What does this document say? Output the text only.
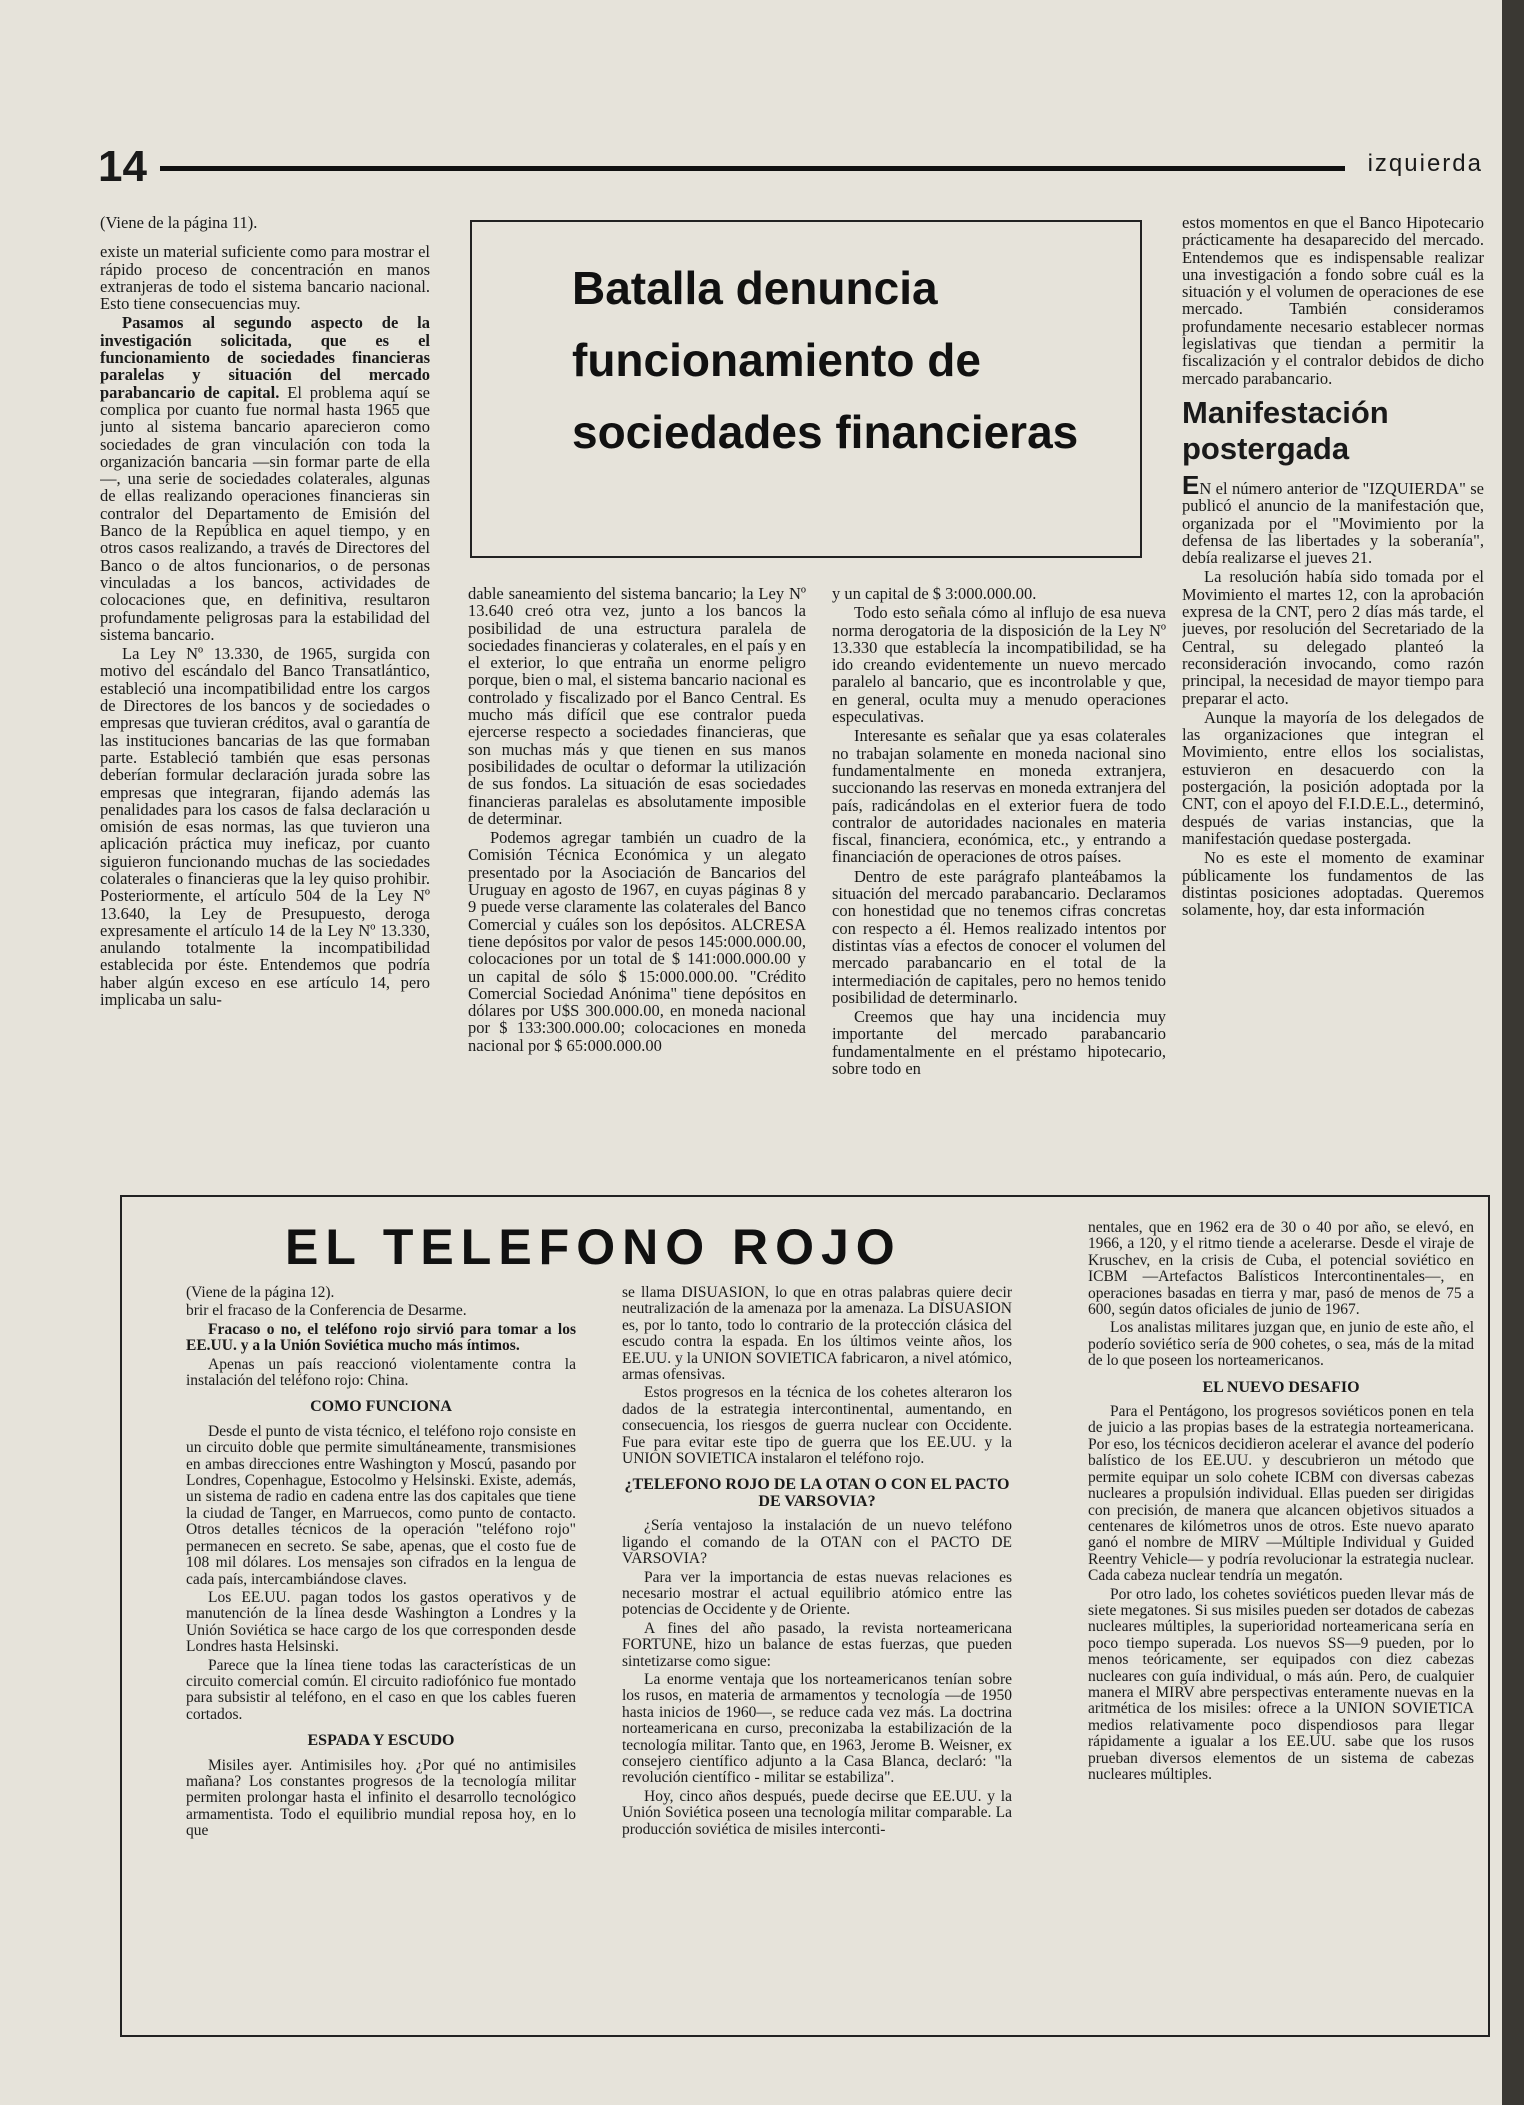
14	izquierda

(Viene de la página 11).

existe un material suficiente como para mostrar el rápido proceso de concentración en manos extranjeras de todo el sistema bancario nacional. Esto tiene consecuencias muy.

Pasamos al segundo aspecto de la investigación solicitada, que es el funcionamiento de sociedades financieras paralelas y situación del mercado parabancario de capital. El problema aquí se complica por cuanto fue normal hasta 1965 que junto al sistema bancario aparecieron como sociedades de gran vinculación con toda la organización bancaria —sin formar parte de ella—, una serie de sociedades colaterales, algunas de ellas realizando operaciones financieras sin contralor del Departamento de Emisión del Banco de la República en aquel tiempo, y en otros casos realizando, a través de Directores del Banco o de altos funcionarios, o de personas vinculadas a los bancos, actividades de colocaciones que, en definitiva, resultaron profundamente peligrosas para la estabilidad del sistema bancario.

La Ley Nº 13.330, de 1965, surgida con motivo del escándalo del Banco Transatlántico, estableció una incompatibilidad entre los cargos de Directores de los bancos y de sociedades o empresas que tuvieran créditos, aval o garantía de las instituciones bancarias de las que formaban parte. Estableció también que esas personas deberían formular declaración jurada sobre las empresas que integraran, fijando además las penalidades para los casos de falsa declaración u omisión de esas normas, las que tuvieron una aplicación práctica muy ineficaz, por cuanto siguieron funcionando muchas de las sociedades colaterales o financieras que la ley quiso prohibir. Posteriormente, el artículo 504 de la Ley Nº 13.640, la Ley de Presupuesto, deroga expresamente el artículo 14 de la Ley Nº 13.330, anulando totalmente la incompatibilidad establecida por éste. Entendemos que podría haber algún exceso en ese artículo 14, pero implicaba un salu-

Batalla denuncia funcionamiento de sociedades financieras

dable saneamiento del sistema bancario; la Ley Nº 13.640 creó otra vez, junto a los bancos la posibilidad de una estructura paralela de sociedades financieras y colaterales, en el país y en el exterior, lo que entraña un enorme peligro porque, bien o mal, el sistema bancario nacional es controlado y fiscalizado por el Banco Central. Es mucho más difícil que ese contralor pueda ejercerse respecto a sociedades financieras, que son muchas más y que tienen en sus manos posibilidades de ocultar o deformar la utilización de sus fondos. La situación de esas sociedades financieras paralelas es absolutamente imposible de determinar.

Podemos agregar también un cuadro de la Comisión Técnica Económica y un alegato presentado por la Asociación de Bancarios del Uruguay en agosto de 1967, en cuyas páginas 8 y 9 puede verse claramente las colaterales del Banco Comercial y cuáles son los depósitos. ALCRESA tiene depósitos por valor de pesos 145:000.000.00, colocaciones por un total de $ 141:000.000.00 y un capital de sólo $ 15:000.000.00. "Crédito Comercial Sociedad Anónima" tiene depósitos en dólares por U$S 300.000.00, en moneda nacional por $ 133:300.000.00; colocaciones en moneda nacional por $ 65:000.000.00

y un capital de $ 3:000.000.00.

Todo esto señala cómo al influjo de esa nueva norma derogatoria de la disposición de la Ley Nº 13.330 que establecía la incompatibilidad, se ha ido creando evidentemente un nuevo mercado paralelo al bancario, que es incontrolable y que, en general, oculta muy a menudo operaciones especulativas.

Interesante es señalar que ya esas colaterales no trabajan solamente en moneda nacional sino fundamentalmente en moneda extranjera, succionando las reservas en moneda extranjera del país, radicándolas en el exterior fuera de todo contralor de autoridades nacionales en materia fiscal, financiera, económica, etc., y entrando a financiación de operaciones de otros países.

Dentro de este parágrafo planteábamos la situación del mercado parabancario. Declaramos con honestidad que no tenemos cifras concretas con respecto a él. Hemos realizado intentos por distintas vías a efectos de conocer el volumen del mercado parabancario en el total de la intermediación de capitales, pero no hemos tenido posibilidad de determinarlo.

Creemos que hay una incidencia muy importante del mercado parabancario fundamentalmente en el préstamo hipotecario, sobre todo en

estos momentos en que el Banco Hipotecario prácticamente ha desaparecido del mercado. Entendemos que es indispensable realizar una investigación a fondo sobre cuál es la situación y el volumen de operaciones de ese mercado. También consideramos profundamente necesario establecer normas legislativas que tiendan a permitir la fiscalización y el contralor debidos de dicho mercado parabancario.

Manifestación postergada

EN el número anterior de "IZQUIERDA" se publicó el anuncio de la manifestación que, organizada por el "Movimiento por la defensa de las libertades y la soberanía", debía realizarse el jueves 21.

La resolución había sido tomada por el Movimiento el martes 12, con la aprobación expresa de la CNT, pero 2 días más tarde, el jueves, por resolución del Secretariado de la Central, su delegado planteó la reconsideración invocando, como razón principal, la necesidad de mayor tiempo para preparar el acto.

Aunque la mayoría de los delegados de las organizaciones que integran el Movimiento, entre ellos los socialistas, estuvieron en desacuerdo con la postergación, la posición adoptada por la CNT, con el apoyo del F.I.D.E.L., determinó, después de varias instancias, que la manifestación quedase postergada.

No es este el momento de examinar públicamente los fundamentos de las distintas posiciones adoptadas. Queremos solamente, hoy, dar esta información

EL TELEFONO ROJO

(Viene de la página 12).

brir el fracaso de la Conferencia de Desarme.

Fracaso o no, el teléfono rojo sirvió para tomar a los EE.UU. y a la Unión Soviética mucho más íntimos.

Apenas un país reaccionó violentamente contra la instalación del teléfono rojo: China.

COMO FUNCIONA

Desde el punto de vista técnico, el teléfono rojo consiste en un circuito doble que permite simultáneamente, transmisiones en ambas direcciones entre Washington y Moscú, pasando por Londres, Copenhague, Estocolmo y Helsinski. Existe, además, un sistema de radio en cadena entre las dos capitales que tiene la ciudad de Tanger, en Marruecos, como punto de contacto. Otros detalles técnicos de la operación "teléfono rojo" permanecen en secreto. Se sabe, apenas, que el costo fue de 108 mil dólares. Los mensajes son cifrados en la lengua de cada país, intercambiándose claves.

Los EE.UU. pagan todos los gastos operativos y de manutención de la línea desde Washington a Londres y la Unión Soviética se hace cargo de los que corresponden desde Londres hasta Helsinski.

Parece que la línea tiene todas las características de un circuito comercial común. El circuito radiofónico fue montado para subsistir al teléfono, en el caso en que los cables fueren cortados.

ESPADA Y ESCUDO

Misiles ayer. Antimisiles hoy. ¿Por qué no antimisiles mañana? Los constantes progresos de la tecnología militar permiten prolongar hasta el infinito el desarrollo tecnológico armamentista. Todo el equilibrio mundial reposa hoy, en lo que

se llama DISUASION, lo que en otras palabras quiere decir neutralización de la amenaza por la amenaza. La DISUASION es, por lo tanto, todo lo contrario de la protección clásica del escudo contra la espada. En los últimos veinte años, los EE.UU. y la UNION SOVIETICA fabricaron, a nivel atómico, armas ofensivas.

Estos progresos en la técnica de los cohetes alteraron los dados de la estrategia intercontinental, aumentando, en consecuencia, los riesgos de guerra nuclear con Occidente. Fue para evitar este tipo de guerra que los EE.UU. y la UNION SOVIETICA instalaron el teléfono rojo.

¿TELEFONO ROJO DE LA OTAN O CON EL PACTO DE VARSOVIA?

¿Sería ventajoso la instalación de un nuevo teléfono ligando el comando de la OTAN con el PACTO DE VARSOVIA?

Para ver la importancia de estas nuevas relaciones es necesario mostrar el actual equilibrio atómico entre las potencias de Occidente y de Oriente.

A fines del año pasado, la revista norteamericana FORTUNE, hizo un balance de estas fuerzas, que pueden sintetizarse como sigue:

La enorme ventaja que los norteamericanos tenían sobre los rusos, en materia de armamentos y tecnología —de 1950 hasta inicios de 1960—, se reduce cada vez más. La doctrina norteamericana en curso, preconizaba la estabilización de la tecnología militar. Tanto que, en 1963, Jerome B. Weisner, ex consejero científico adjunto a la Casa Blanca, declaró: "la revolución científico - militar se estabiliza".

Hoy, cinco años después, puede decirse que EE.UU. y la Unión Soviética poseen una tecnología militar comparable. La producción soviética de misiles interconti-

nentales, que en 1962 era de 30 o 40 por año, se elevó, en 1966, a 120, y el ritmo tiende a acelerarse. Desde el viraje de Kruschev, en la crisis de Cuba, el potencial soviético en ICBM —Artefactos Balísticos Intercontinentales—, en operaciones basadas en tierra y mar, pasó de menos de 75 a 600, según datos oficiales de junio de 1967.

Los analistas militares juzgan que, en junio de este año, el poderío soviético sería de 900 cohetes, o sea, más de la mitad de lo que poseen los norteamericanos.

EL NUEVO DESAFIO

Para el Pentágono, los progresos soviéticos ponen en tela de juicio a las propias bases de la estrategia norteamericana. Por eso, los técnicos decidieron acelerar el avance del poderío balístico de los EE.UU. y descubrieron un método que permite equipar un solo cohete ICBM con diversas cabezas nucleares a propulsión individual. Ellas pueden ser dirigidas con precisión, de manera que alcancen objetivos situados a centenares de kilómetros unos de otros. Este nuevo aparato ganó el nombre de MIRV —Múltiple Individual y Guided Reentry Vehicle— y podría revolucionar la estrategia nuclear. Cada cabeza nuclear tendría un megatón.

Por otro lado, los cohetes soviéticos pueden llevar más de siete megatones. Si sus misiles pueden ser dotados de cabezas nucleares múltiples, la superioridad norteamericana sería en poco tiempo superada. Los nuevos SS—9 pueden, por lo menos teóricamente, ser equipados con diez cabezas nucleares con guía individual, o más aún. Pero, de cualquier manera el MIRV abre perspectivas enteramente nuevas en la aritmética de los misiles: ofrece a la UNION SOVIETICA medios relativamente poco dispendiosos para llegar rápidamente a igualar a los EE.UU. sabe que los rusos prueban diversos elementos de un sistema de cabezas nucleares múltiples.
